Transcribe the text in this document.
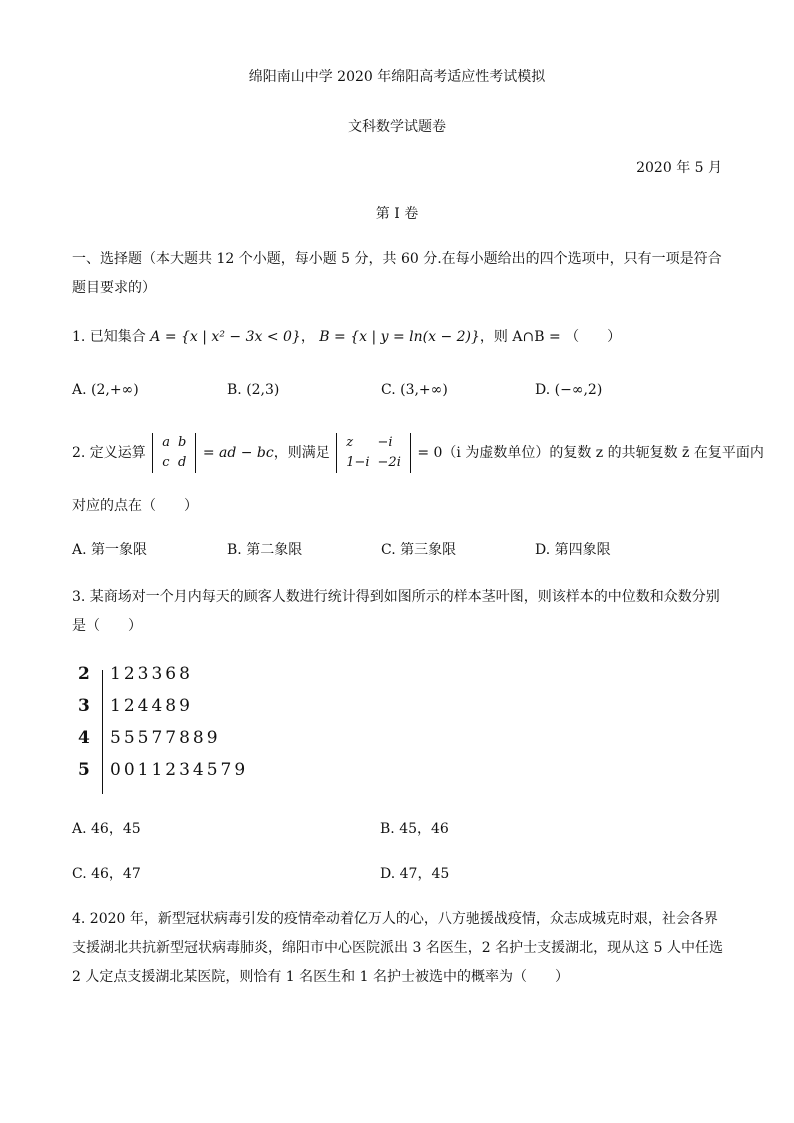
绵阳南山中学 2020 年绵阳高考适应性考试模拟
文科数学试题卷
2020 年 5 月
第 I 卷
一、选择题（本大题共 12 个小题，每小题 5 分，共 60 分.在每小题给出的四个选项中，只有一项是符合题目要求的）
1. 已知集合 A = {x | x² − 3x < 0}， B = {x | y = ln(x − 2)}，则 A∩B = （　　）
A. (2,+∞)	B. (2,3)	C. (3,+∞)	D. (−∞,2)
2. 定义运算
a	b
c	d
= ad − bc，则满足
z	−i
1−i	−2i
= 0（i 为虚数单位）的复数 z 的共轭复数 z̄ 在复平面内
对应的点在（　　）
A. 第一象限	B. 第二象限	C. 第三象限	D. 第四象限
3. 某商场对一个月内每天的顾客人数进行统计得到如图所示的样本茎叶图，则该样本的中位数和众数分别是（　　）
2 123368
3 124489
4 55577889
5 0011234579
A. 46，45	B. 45，46
C. 46，47	D. 47，45
4. 2020 年，新型冠状病毒引发的疫情牵动着亿万人的心，八方驰援战疫情，众志成城克时艰，社会各界支援湖北共抗新型冠状病毒肺炎，绵阳市中心医院派出 3 名医生，2 名护士支援湖北，现从这 5 人中任选 2 人定点支援湖北某医院，则恰有 1 名医生和 1 名护士被选中的概率为（　　）
